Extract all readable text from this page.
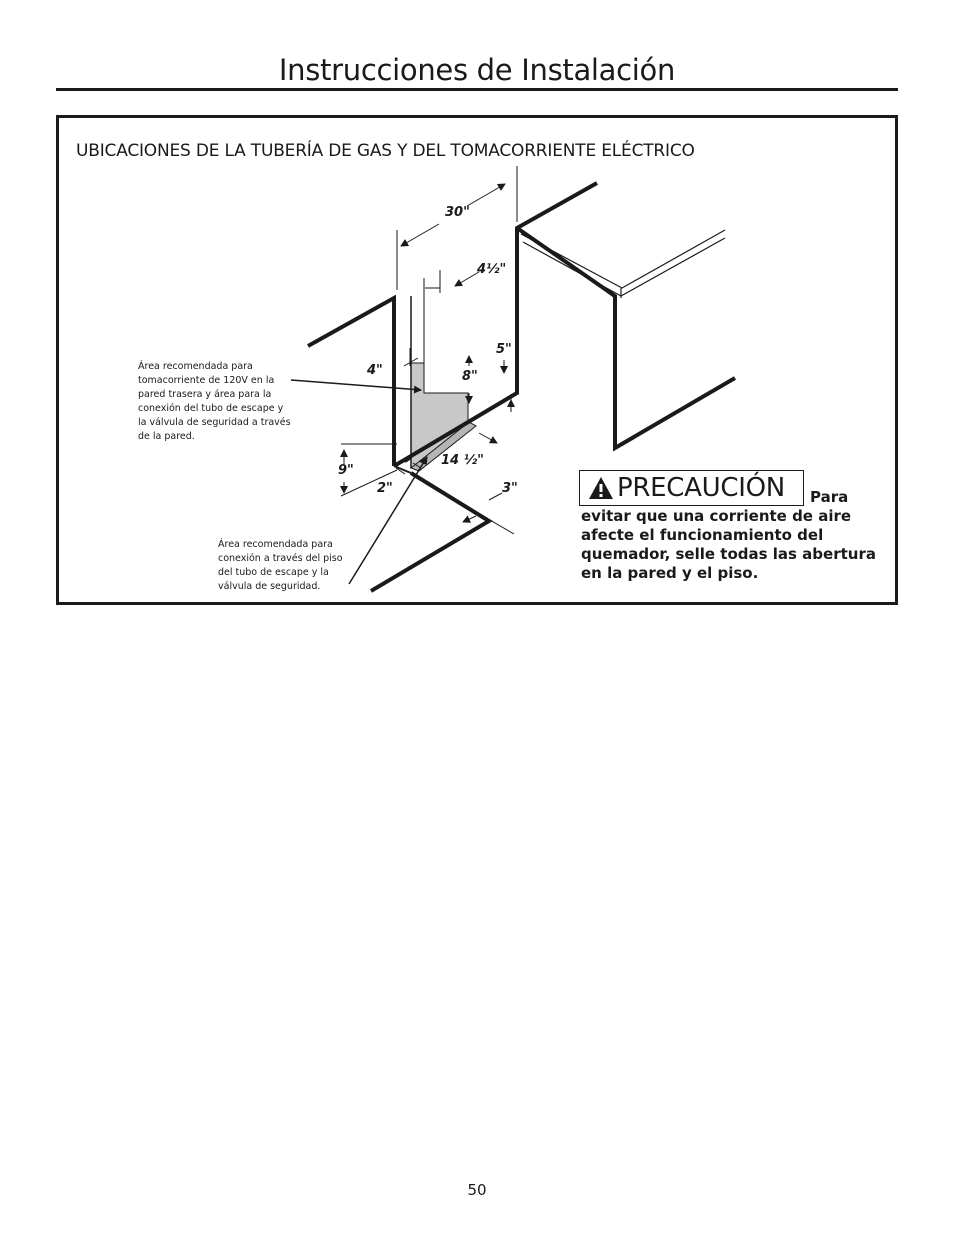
Instrucciones de Instalación
UBICACIONES DE LA TUBERÍA DE GAS Y DEL TOMACORRIENTE ELÉCTRICO
30"
4½"
5"
4"	8"
9"
14 ½"
2"	3"
Área recomendada para tomacorriente de 120V en la pared trasera y área para la conexión del tubo de escape y la válvula de seguridad a través de la pared.
Área recomendada para conexión a través del piso del tubo de escape y la válvula de seguridad.
PRECAUCIÓN Para
evitar que una corriente de aire afecte el funcionamiento del quemador, selle todas las abertura en la pared y el piso.
50
